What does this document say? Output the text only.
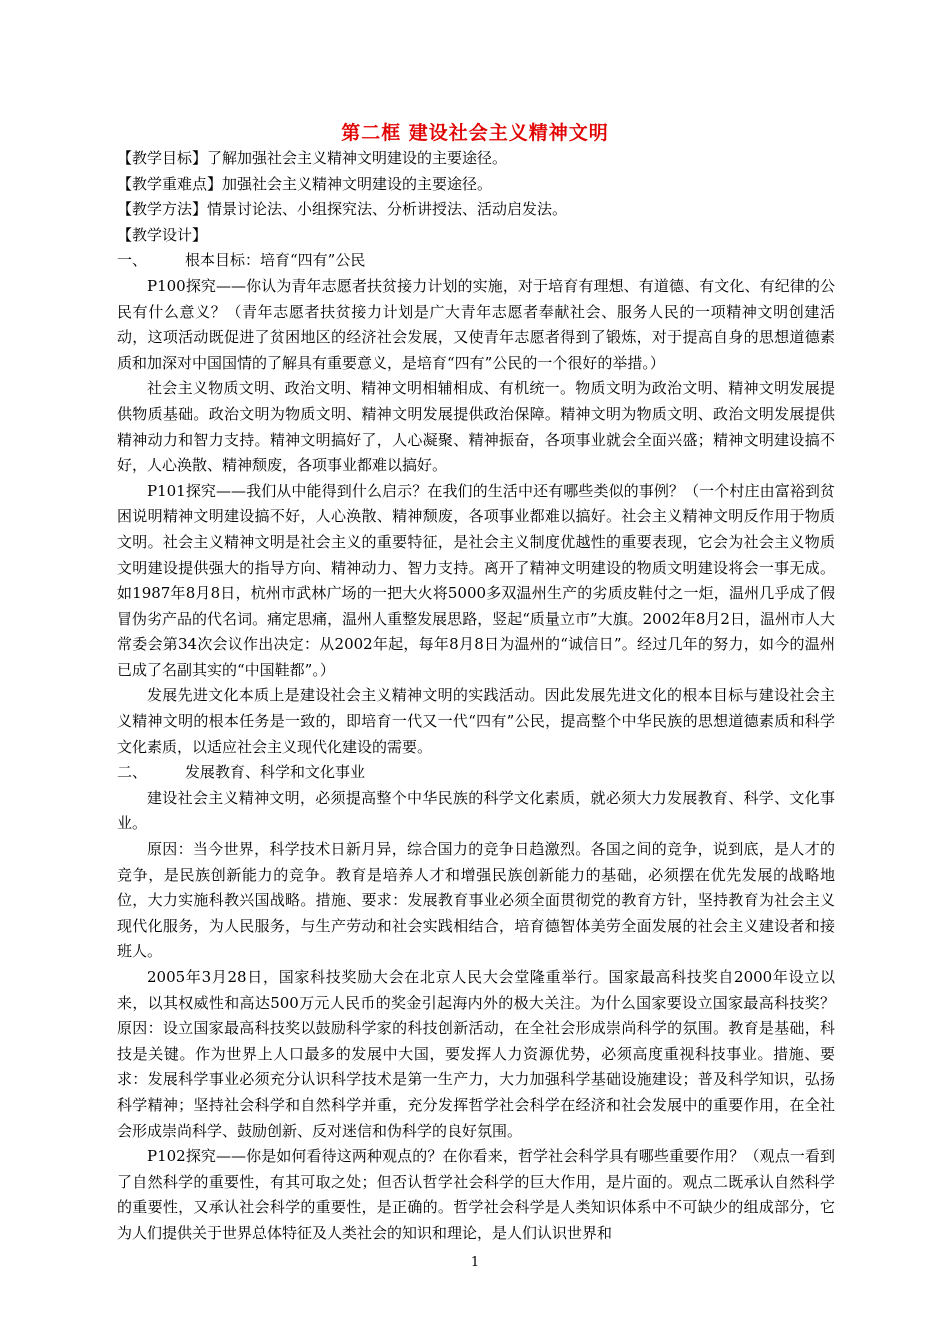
第二框 建设社会主义精神文明

【教学目标】了解加强社会主义精神文明建设的主要途径。

【教学重难点】加强社会主义精神文明建设的主要途径。

【教学方法】情景讨论法、小组探究法、分析讲授法、活动启发法。

【教学设计】

一、	根本目标：培育“四有”公民

P100探究——你认为青年志愿者扶贫接力计划的实施，对于培育有理想、有道德、有文化、有纪律的公民有什么意义？（青年志愿者扶贫接力计划是广大青年志愿者奉献社会、服务人民的一项精神文明创建活动，这项活动既促进了贫困地区的经济社会发展，又使青年志愿者得到了锻炼，对于提高自身的思想道德素质和加深对中国国情的了解具有重要意义，是培育“四有”公民的一个很好的举措。）

社会主义物质文明、政治文明、精神文明相辅相成、有机统一。物质文明为政治文明、精神文明发展提供物质基础。政治文明为物质文明、精神文明发展提供政治保障。精神文明为物质文明、政治文明发展提供精神动力和智力支持。精神文明搞好了，人心凝聚、精神振奋，各项事业就会全面兴盛；精神文明建设搞不好，人心涣散、精神颓废，各项事业都难以搞好。

P101探究——我们从中能得到什么启示？在我们的生活中还有哪些类似的事例？（一个村庄由富裕到贫困说明精神文明建设搞不好，人心涣散、精神颓废，各项事业都难以搞好。社会主义精神文明反作用于物质文明。社会主义精神文明是社会主义的重要特征，是社会主义制度优越性的重要表现，它会为社会主义物质文明建设提供强大的指导方向、精神动力、智力支持。离开了精神文明建设的物质文明建设将会一事无成。如1987年8月8日，杭州市武林广场的一把大火将5000多双温州生产的劣质皮鞋付之一炬，温州几乎成了假冒伪劣产品的代名词。痛定思痛，温州人重整发展思路，竖起“质量立市”大旗。2002年8月2日，温州市人大常委会第34次会议作出决定：从2002年起，每年8月8日为温州的“诚信日”。经过几年的努力，如今的温州已成了名副其实的“中国鞋都”。）

发展先进文化本质上是建设社会主义精神文明的实践活动。因此发展先进文化的根本目标与建设社会主义精神文明的根本任务是一致的，即培育一代又一代“四有”公民，提高整个中华民族的思想道德素质和科学文化素质，以适应社会主义现代化建设的需要。

二、	发展教育、科学和文化事业

建设社会主义精神文明，必须提高整个中华民族的科学文化素质，就必须大力发展教育、科学、文化事业。

原因：当今世界，科学技术日新月异，综合国力的竞争日趋激烈。各国之间的竞争，说到底，是人才的竞争，是民族创新能力的竞争。教育是培养人才和增强民族创新能力的基础，必须摆在优先发展的战略地位，大力实施科教兴国战略。措施、要求：发展教育事业必须全面贯彻党的教育方针，坚持教育为社会主义现代化服务，为人民服务，与生产劳动和社会实践相结合，培育德智体美劳全面发展的社会主义建设者和接班人。

2005年3月28日，国家科技奖励大会在北京人民大会堂隆重举行。国家最高科技奖自2000年设立以来，以其权威性和高达500万元人民币的奖金引起海内外的极大关注。为什么国家要设立国家最高科技奖？原因：设立国家最高科技奖以鼓励科学家的科技创新活动，在全社会形成崇尚科学的氛围。教育是基础，科技是关键。作为世界上人口最多的发展中大国，要发挥人力资源优势，必须高度重视科技事业。措施、要求：发展科学事业必须充分认识科学技术是第一生产力，大力加强科学基础设施建设；普及科学知识，弘扬科学精神；坚持社会科学和自然科学并重，充分发挥哲学社会科学在经济和社会发展中的重要作用，在全社会形成崇尚科学、鼓励创新、反对迷信和伪科学的良好氛围。

P102探究——你是如何看待这两种观点的？在你看来，哲学社会科学具有哪些重要作用？（观点一看到了自然科学的重要性，有其可取之处；但否认哲学社会科学的巨大作用，是片面的。观点二既承认自然科学的重要性，又承认社会科学的重要性，是正确的。哲学社会科学是人类知识体系中不可缺少的组成部分，它为人们提供关于世界总体特征及人类社会的知识和理论，是人们认识世界和

1
